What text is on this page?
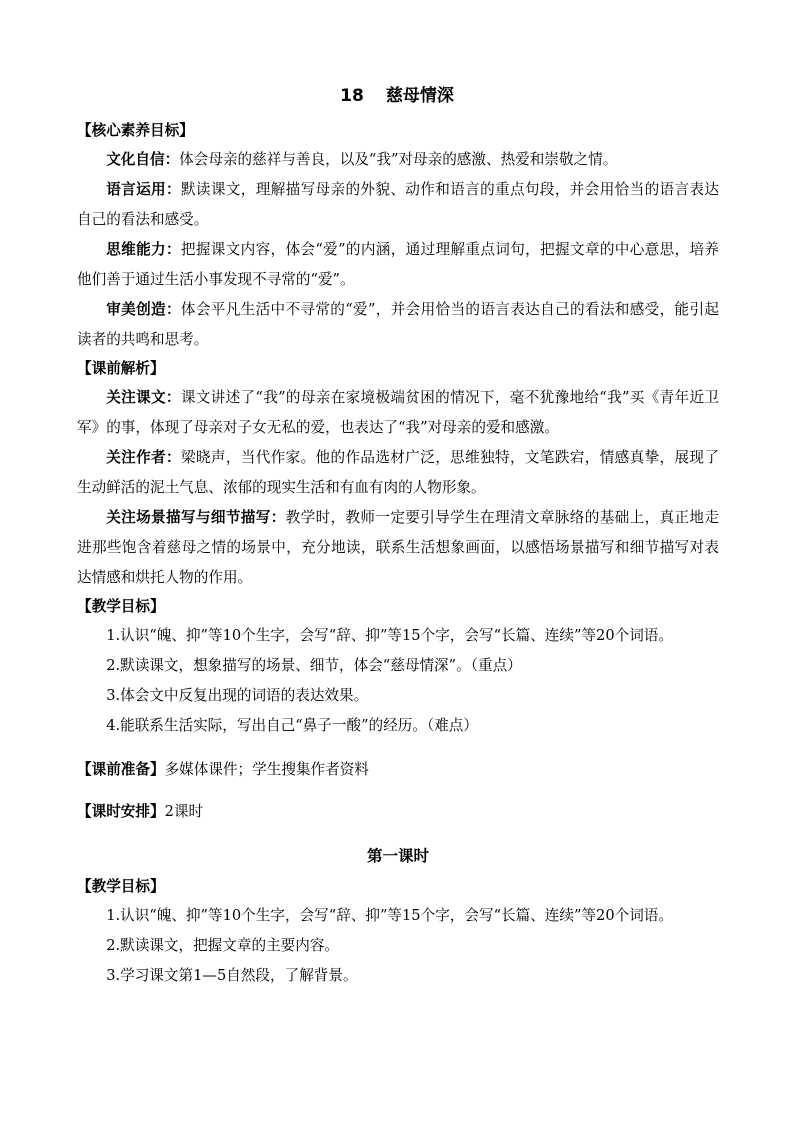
18 慈母情深

【核心素养目标】

文化自信：体会母亲的慈祥与善良，以及“我”对母亲的感激、热爱和崇敬之情。

语言运用：默读课文，理解描写母亲的外貌、动作和语言的重点句段，并会用恰当的语言表达自己的看法和感受。

思维能力：把握课文内容，体会“爱”的内涵，通过理解重点词句，把握文章的中心意思，培养他们善于通过生活小事发现不寻常的“爱”。

审美创造：体会平凡生活中不寻常的“爱”，并会用恰当的语言表达自己的看法和感受，能引起读者的共鸣和思考。

【课前解析】

关注课文：课文讲述了“我”的母亲在家境极端贫困的情况下，毫不犹豫地给“我”买《青年近卫军》的事，体现了母亲对子女无私的爱，也表达了“我”对母亲的爱和感激。

关注作者：梁晓声，当代作家。他的作品选材广泛，思维独特，文笔跌宕，情感真挚，展现了生动鲜活的泥土气息、浓郁的现实生活和有血有肉的人物形象。

关注场景描写与细节描写：教学时，教师一定要引导学生在理清文章脉络的基础上，真正地走进那些饱含着慈母之情的场景中，充分地读，联系生活想象画面，以感悟场景描写和细节描写对表达情感和烘托人物的作用。

【教学目标】

1.认识“魄、抑”等10个生字，会写“辞、抑”等15个字，会写“长篇、连续”等20个词语。

2.默读课文，想象描写的场景、细节，体会“慈母情深”。（重点）

3.体会文中反复出现的词语的表达效果。

4.能联系生活实际，写出自己“鼻子一酸”的经历。（难点）

【课前准备】多媒体课件；学生搜集作者资料

【课时安排】2课时

第一课时

【教学目标】

1.认识“魄、抑”等10个生字，会写“辞、抑”等15个字，会写“长篇、连续”等20个词语。

2.默读课文，把握文章的主要内容。

3.学习课文第1—5自然段，了解背景。
